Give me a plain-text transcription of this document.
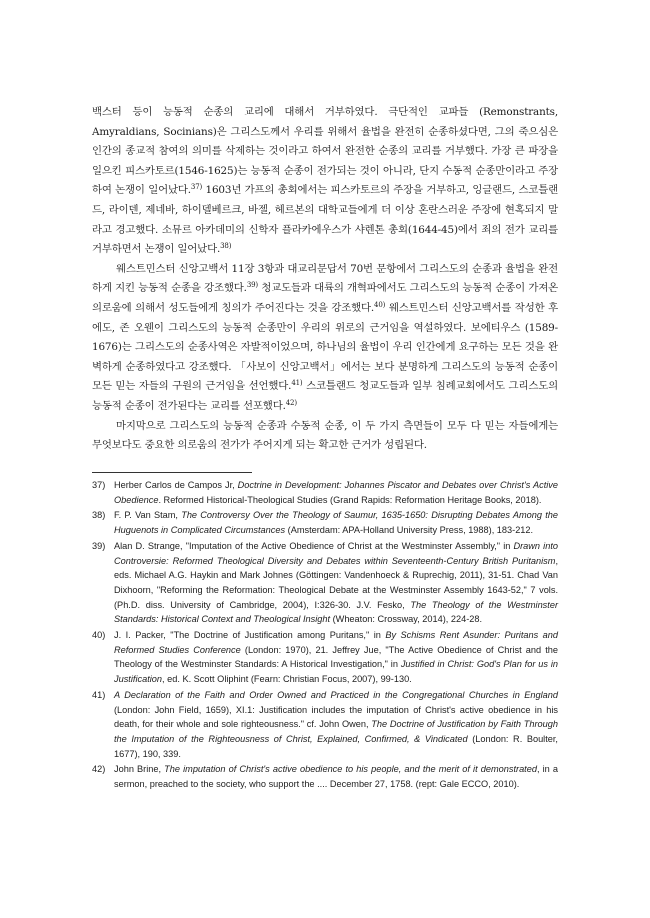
백스터 등이 능동적 순종의 교리에 대해서 거부하였다. 극단적인 교파들 (Remonstrants, Amyraldians, Socinians)은 그리스도께서 우리를 위해서 율법을 완전히 순종하셨다면, 그의 죽으심은 인간의 종교적 참여의 의미를 삭제하는 것이라고 하여서 완전한 순종의 교리를 거부했다. 가장 큰 파장을 일으킨 피스카토르(1546-1625)는 능동적 순종이 전가되는 것이 아니라, 단지 수동적 순종만이라고 주장하여 논쟁이 일어났다.$^{37)}$ 1603년 가프의 총회에서는 피스카토르의 주장을 거부하고, 잉글랜드, 스코틀랜드, 라이덴, 제네바, 하이델베르크, 바젤, 헤르본의 대학교들에게 더 이상 혼란스러운 주장에 현혹되지 말라고 경고했다. 소뮤르 아카데미의 신학자 플라카에우스가 샤렌톤 총회(1644-45)에서 죄의 전가 교리를 거부하면서 논쟁이 일어났다.$^{38)}$

웨스트민스터 신앙고백서 11장 3항과 대교리문답서 70번 문항에서 그리스도의 순종과 율법을 완전하게 지킨 능동적 순종을 강조했다.$^{39)}$ 청교도들과 대륙의 개혁파에서도 그리스도의 능동적 순종이 가져온 의로움에 의해서 성도들에게 칭의가 주어진다는 것을 강조했다.$^{40)}$ 웨스트민스터 신앙고백서를 작성한 후에도, 존 오웬이 그리스도의 능동적 순종만이 우리의 위로의 근거임을 역설하였다. 보에티우스 (1589-1676)는 그리스도의 순종사역은 자발적이었으며, 하나님의 율법이 우리 인간에게 요구하는 모든 것을 완벽하게 순종하였다고 강조했다. 「사보이 신앙고백서」에서는 보다 분명하게 그리스도의 능동적 순종이 모든 믿는 자들의 구원의 근거임을 선언했다.$^{41)}$ 스코틀랜드 청교도들과 일부 침례교회에서도 그리스도의 능동적 순종이 전가된다는 교리를 선포했다.$^{42)}$

마지막으로 그리스도의 능동적 순종과 수동적 순종, 이 두 가지 측면들이 모두 다 믿는 자들에게는 무엇보다도 중요한 의로움의 전가가 주어지게 되는 확고한 근거가 성립된다.

37) Herber Carlos de Campos Jr, Doctrine in Development: Johannes Piscator and Debates over Christ's Active Obedience. Reformed Historical-Theological Studies (Grand Rapids: Reformation Heritage Books, 2018).

38) F. P. Van Stam, The Controversy Over the Theology of Saumur, 1635-1650: Disrupting Debates Among the Huguenots in Complicated Circumstances (Amsterdam: APA-Holland University Press, 1988), 183-212.

39) Alan D. Strange, "Imputation of the Active Obedience of Christ at the Westminster Assembly," in Drawn into Controversie: Reformed Theological Diversity and Debates within Seventeenth-Century British Puritanism, eds. Michael A.G. Haykin and Mark Johnes (Göttingen: Vandenhoeck & Ruprechig, 2011), 31-51. Chad Van Dixhoorn, "Reforming the Reformation: Theological Debate at the Westminster Assembly 1643-52," 7 vols. (Ph.D. diss. University of Cambridge, 2004), I:326-30. J.V. Fesko, The Theology of the Westminster Standards: Historical Context and Theological Insight (Wheaton: Crossway, 2014), 224-28.

40) J. I. Packer, "The Doctrine of Justification among Puritans," in By Schisms Rent Asunder: Puritans and Reformed Studies Conference (London: 1970), 21. Jeffrey Jue, "The Active Obedience of Christ and the Theology of the Westminster Standards: A Historical Investigation," in Justified in Christ: God's Plan for us in Justification, ed. K. Scott Oliphint (Fearn: Christian Focus, 2007), 99-130.

41) A Declaration of the Faith and Order Owned and Practiced in the Congregational Churches in England (London: John Field, 1659), XI.1: Justification includes the imputation of Christ's active obedience in his death, for their whole and sole righteousness." cf. John Owen, The Doctrine of Justification by Faith Through the Imputation of the Righteousness of Christ, Explained, Confirmed, & Vindicated (London: R. Boulter, 1677), 190, 339.

42) John Brine, The imputation of Christ's active obedience to his people, and the merit of it demonstrated, in a sermon, preached to the society, who support the .... December 27, 1758. (rept: Gale ECCO, 2010).
